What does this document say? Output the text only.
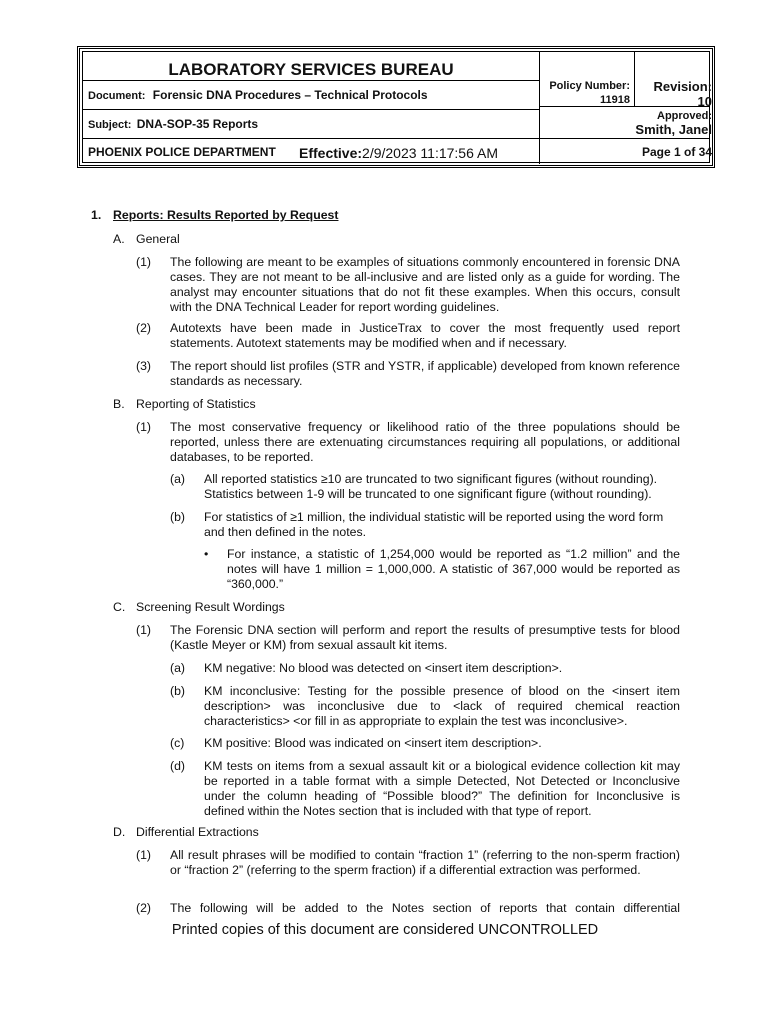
LABORATORY SERVICES BUREAU
Document: Forensic DNA Procedures – Technical Protocols
Subject: DNA-SOP-35 Reports
PHOENIX POLICE DEPARTMENT Effective:2/9/2023 11:17:56 AM
Policy Number:
11918
Revision:
10
Approved:
Smith, Janel
Page 1 of 34
1. Reports: Results Reported by Request
A. General
(1) The following are meant to be examples of situations commonly encountered in forensic DNA cases. They are not meant to be all-inclusive and are listed only as a guide for wording. The analyst may encounter situations that do not fit these examples. When this occurs, consult with the DNA Technical Leader for report wording guidelines.
(2) Autotexts have been made in JusticeTrax to cover the most frequently used report statements. Autotext statements may be modified when and if necessary.
(3) The report should list profiles (STR and YSTR, if applicable) developed from known reference standards as necessary.
B. Reporting of Statistics
(1) The most conservative frequency or likelihood ratio of the three populations should be reported, unless there are extenuating circumstances requiring all populations, or additional databases, to be reported.
(a) All reported statistics ≥10 are truncated to two significant figures (without rounding). Statistics between 1-9 will be truncated to one significant figure (without rounding).
(b) For statistics of ≥1 million, the individual statistic will be reported using the word form and then defined in the notes.
• For instance, a statistic of 1,254,000 would be reported as “1.2 million” and the notes will have 1 million = 1,000,000. A statistic of 367,000 would be reported as “360,000.”
C. Screening Result Wordings
(1) The Forensic DNA section will perform and report the results of presumptive tests for blood (Kastle Meyer or KM) from sexual assault kit items.
(a) KM negative: No blood was detected on <insert item description>.
(b) KM inconclusive: Testing for the possible presence of blood on the <insert item description> was inconclusive due to <lack of required chemical reaction characteristics> <or fill in as appropriate to explain the test was inconclusive>.
(c) KM positive: Blood was indicated on <insert item description>.
(d) KM tests on items from a sexual assault kit or a biological evidence collection kit may be reported in a table format with a simple Detected, Not Detected or Inconclusive under the column heading of “Possible blood?” The definition for Inconclusive is defined within the Notes section that is included with that type of report.
D. Differential Extractions
(1) All result phrases will be modified to contain “fraction 1” (referring to the non-sperm fraction) or “fraction 2” (referring to the sperm fraction) if a differential extraction was performed.
(2) The following will be added to the Notes section of reports that contain differential
Printed copies of this document are considered UNCONTROLLED
